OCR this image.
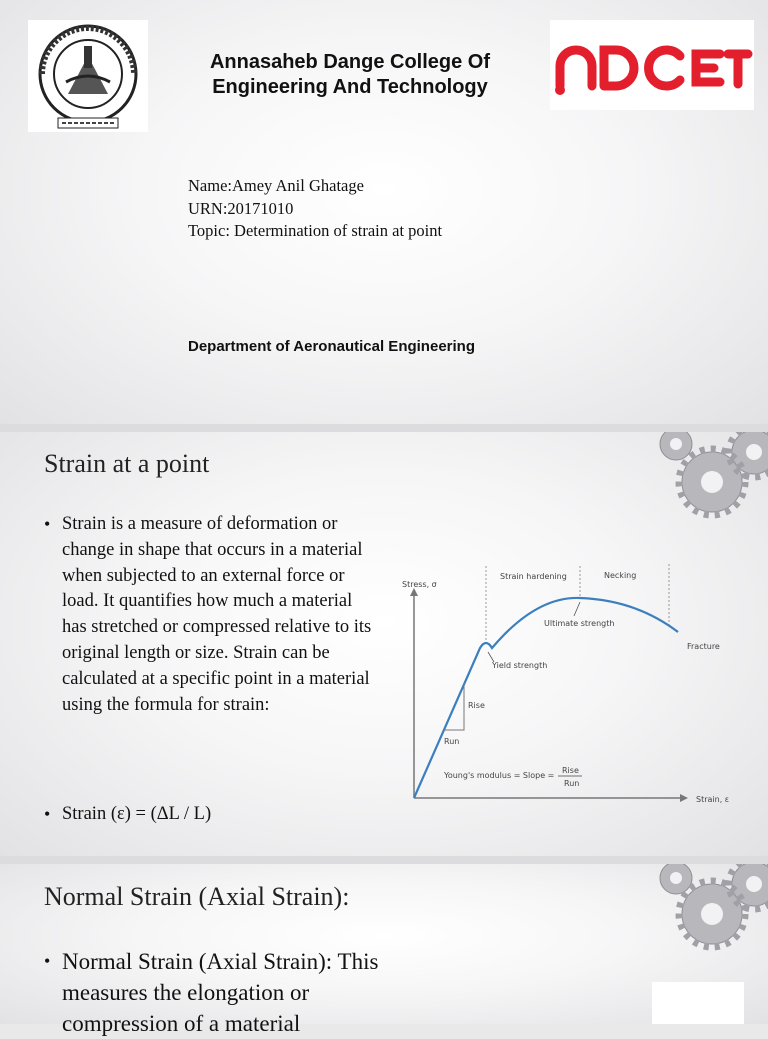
Annasaheb Dange College Of
Engineering And Technology
Name:Amey Anil Ghatage
URN:20171010
Topic: Determination of strain at point
Department of Aeronautical Engineering
Strain at a point
• Strain is a measure of deformation or change in shape that occurs in a material when subjected to an external force or load. It quantifies how much a material has stretched or compressed relative to its original length or size. Strain can be calculated at a specific point in a material using the formula for strain:
• Strain (ε) = (ΔL / L)
Stress, σ
Strain, ε
Strain hardening	Necking
Ultimate strength
Fracture
Yield strength
Rise
Run
Young's modulus = Slope =
Rise
Run
Normal Strain (Axial Strain):
• Normal Strain (Axial Strain): This measures the elongation or compression of a material
